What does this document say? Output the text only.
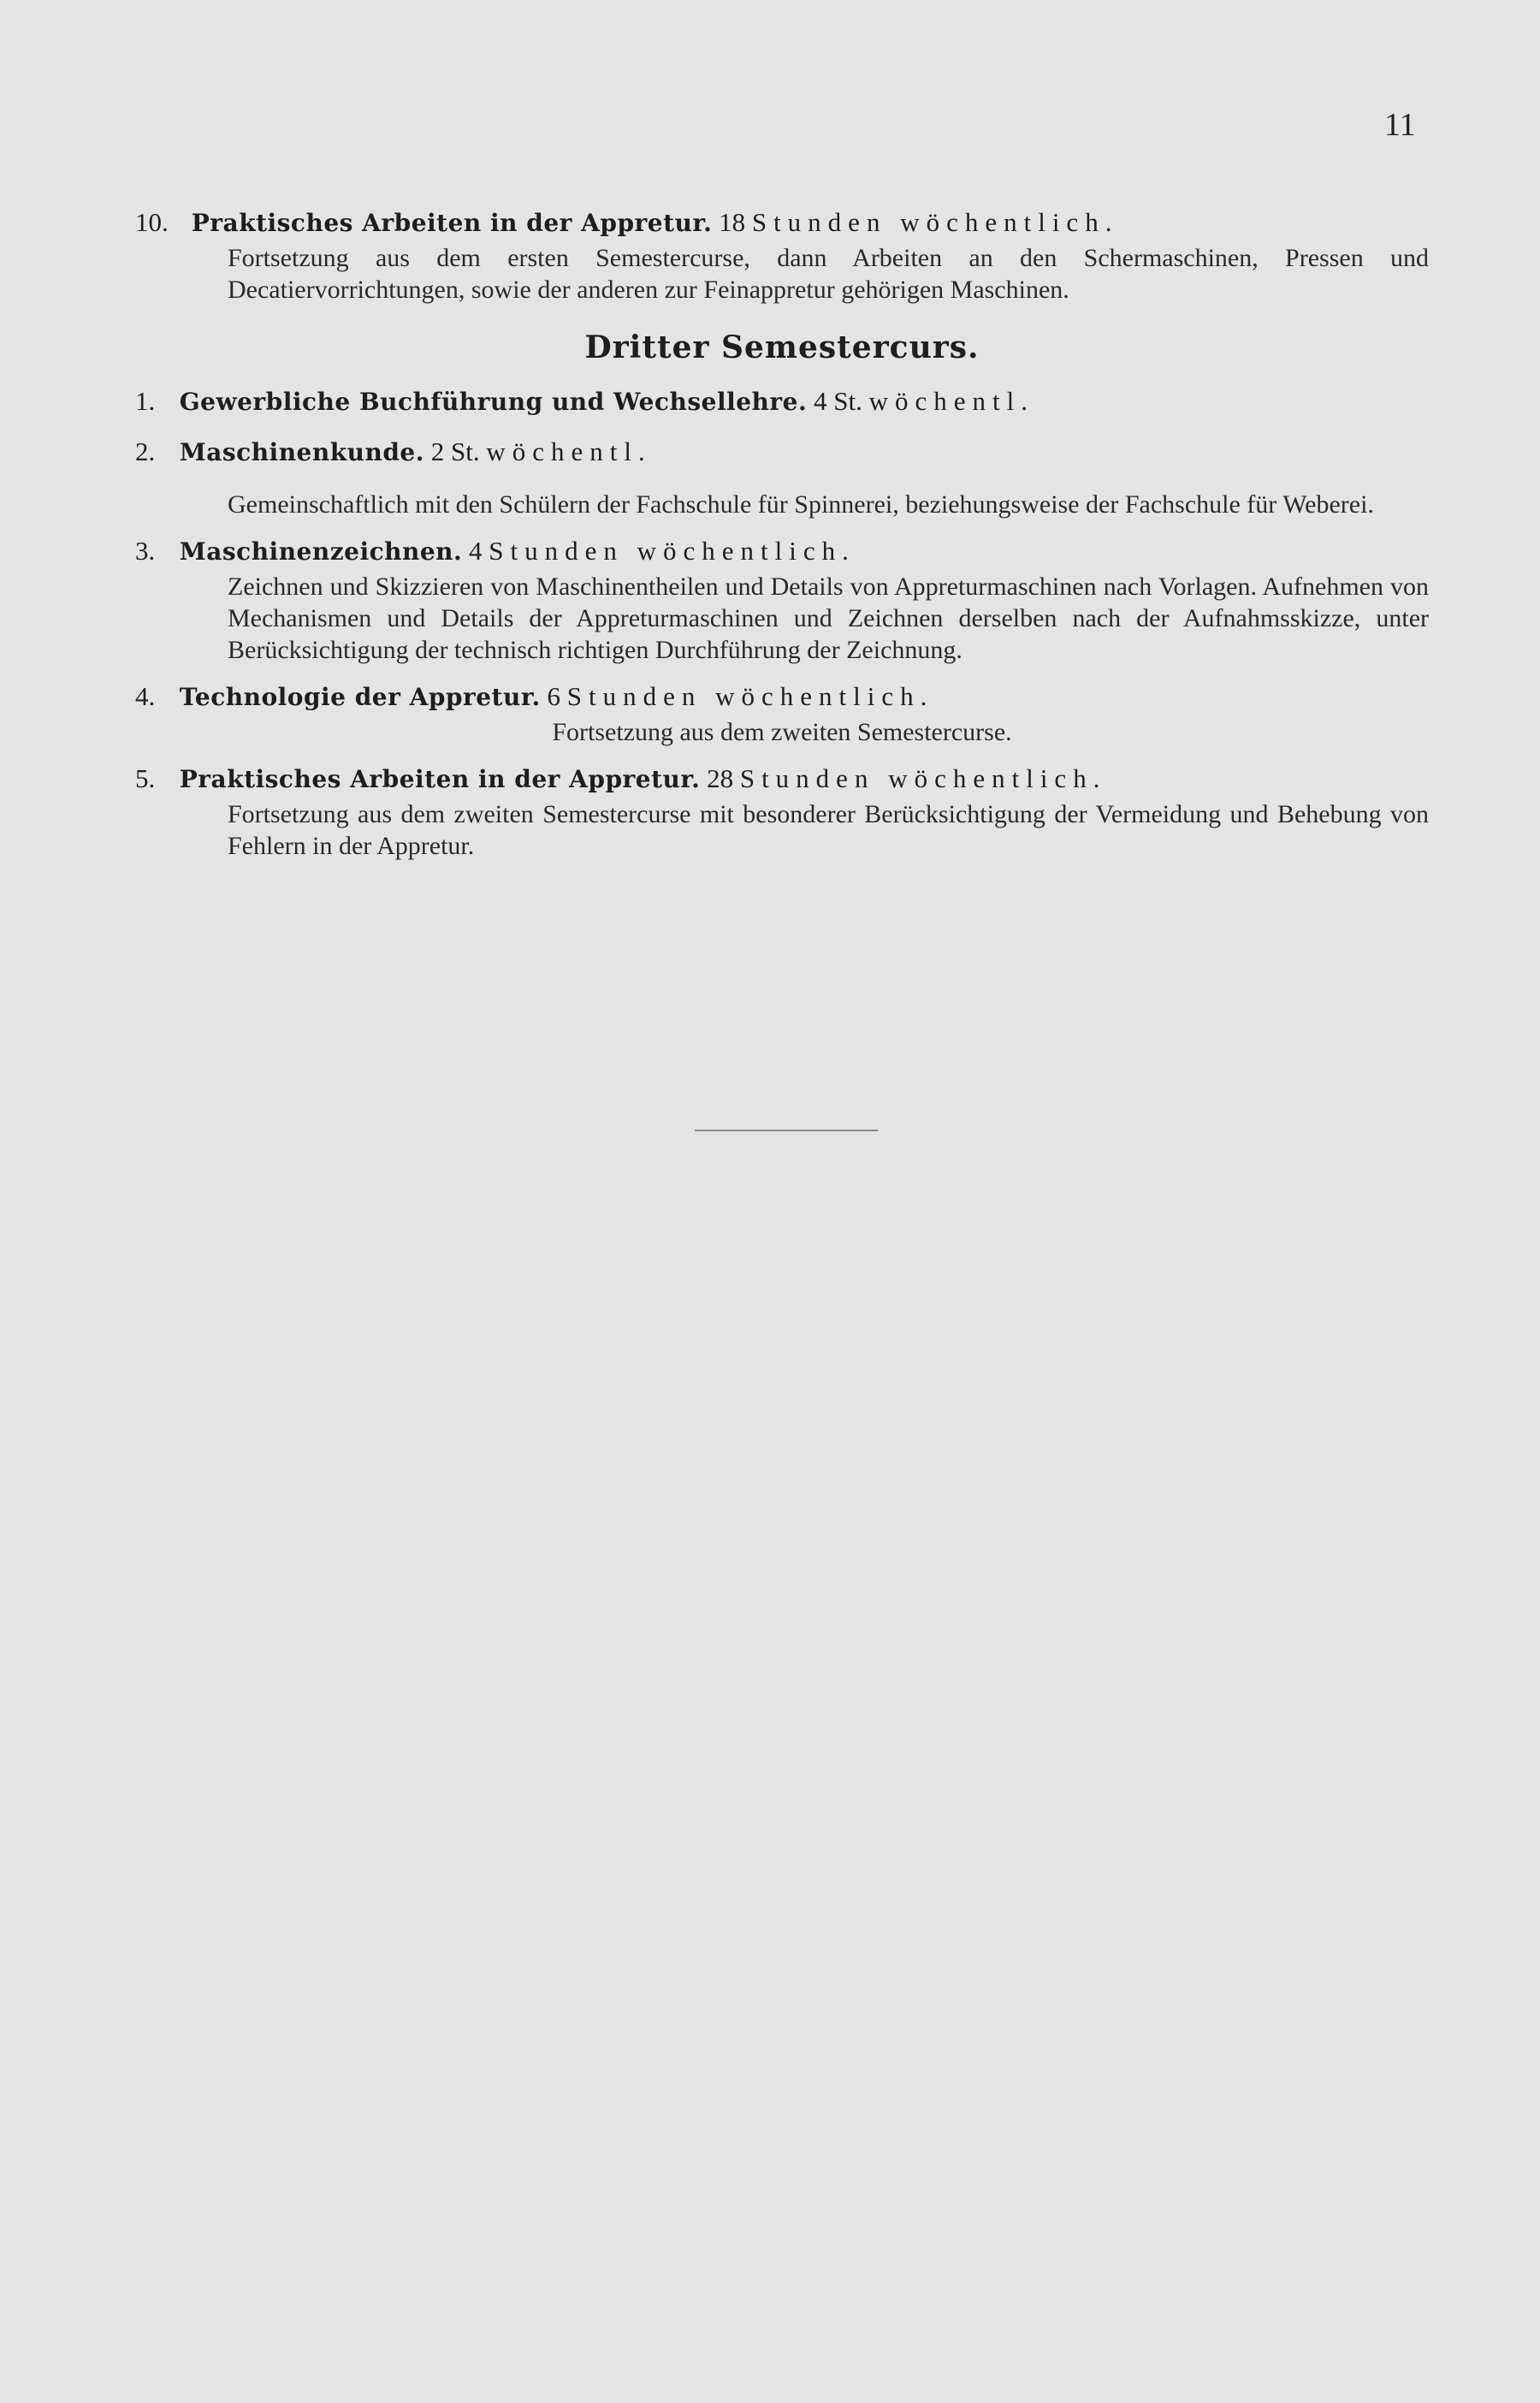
11
10. Praktisches Arbeiten in der Appretur. 18 Stunden wöchentlich.

Fortsetzung aus dem ersten Semestercurse, dann Arbeiten an den Schermaschinen, Pressen und Decatiervorrichtungen, sowie der anderen zur Feinappretur gehörigen Maschinen.

Dritter Semestercurs.
1. Gewerbliche Buchführung und Wechsellehre. 4 St. wöchentl.
2. Maschinenkunde. 2 St. wöchentl.

Gemeinschaftlich mit den Schülern der Fachschule für Spinnerei, beziehungsweise der Fachschule für Weberei.

3. Maschinenzeichnen. 4 Stunden wöchentlich.

Zeichnen und Skizzieren von Maschinentheilen und Details von Appreturmaschinen nach Vorlagen. Aufnehmen von Mechanismen und Details der Appreturmaschinen und Zeichnen derselben nach der Aufnahmsskizze, unter Berücksichtigung der technisch richtigen Durchführung der Zeichnung.

4. Technologie der Appretur. 6 Stunden wöchentlich.

Fortsetzung aus dem zweiten Semestercurse.

5. Praktisches Arbeiten in der Appretur. 28 Stunden wöchentlich.

Fortsetzung aus dem zweiten Semestercurse mit besonderer Berücksichtigung der Vermeidung und Behebung von Fehlern in der Appretur.
